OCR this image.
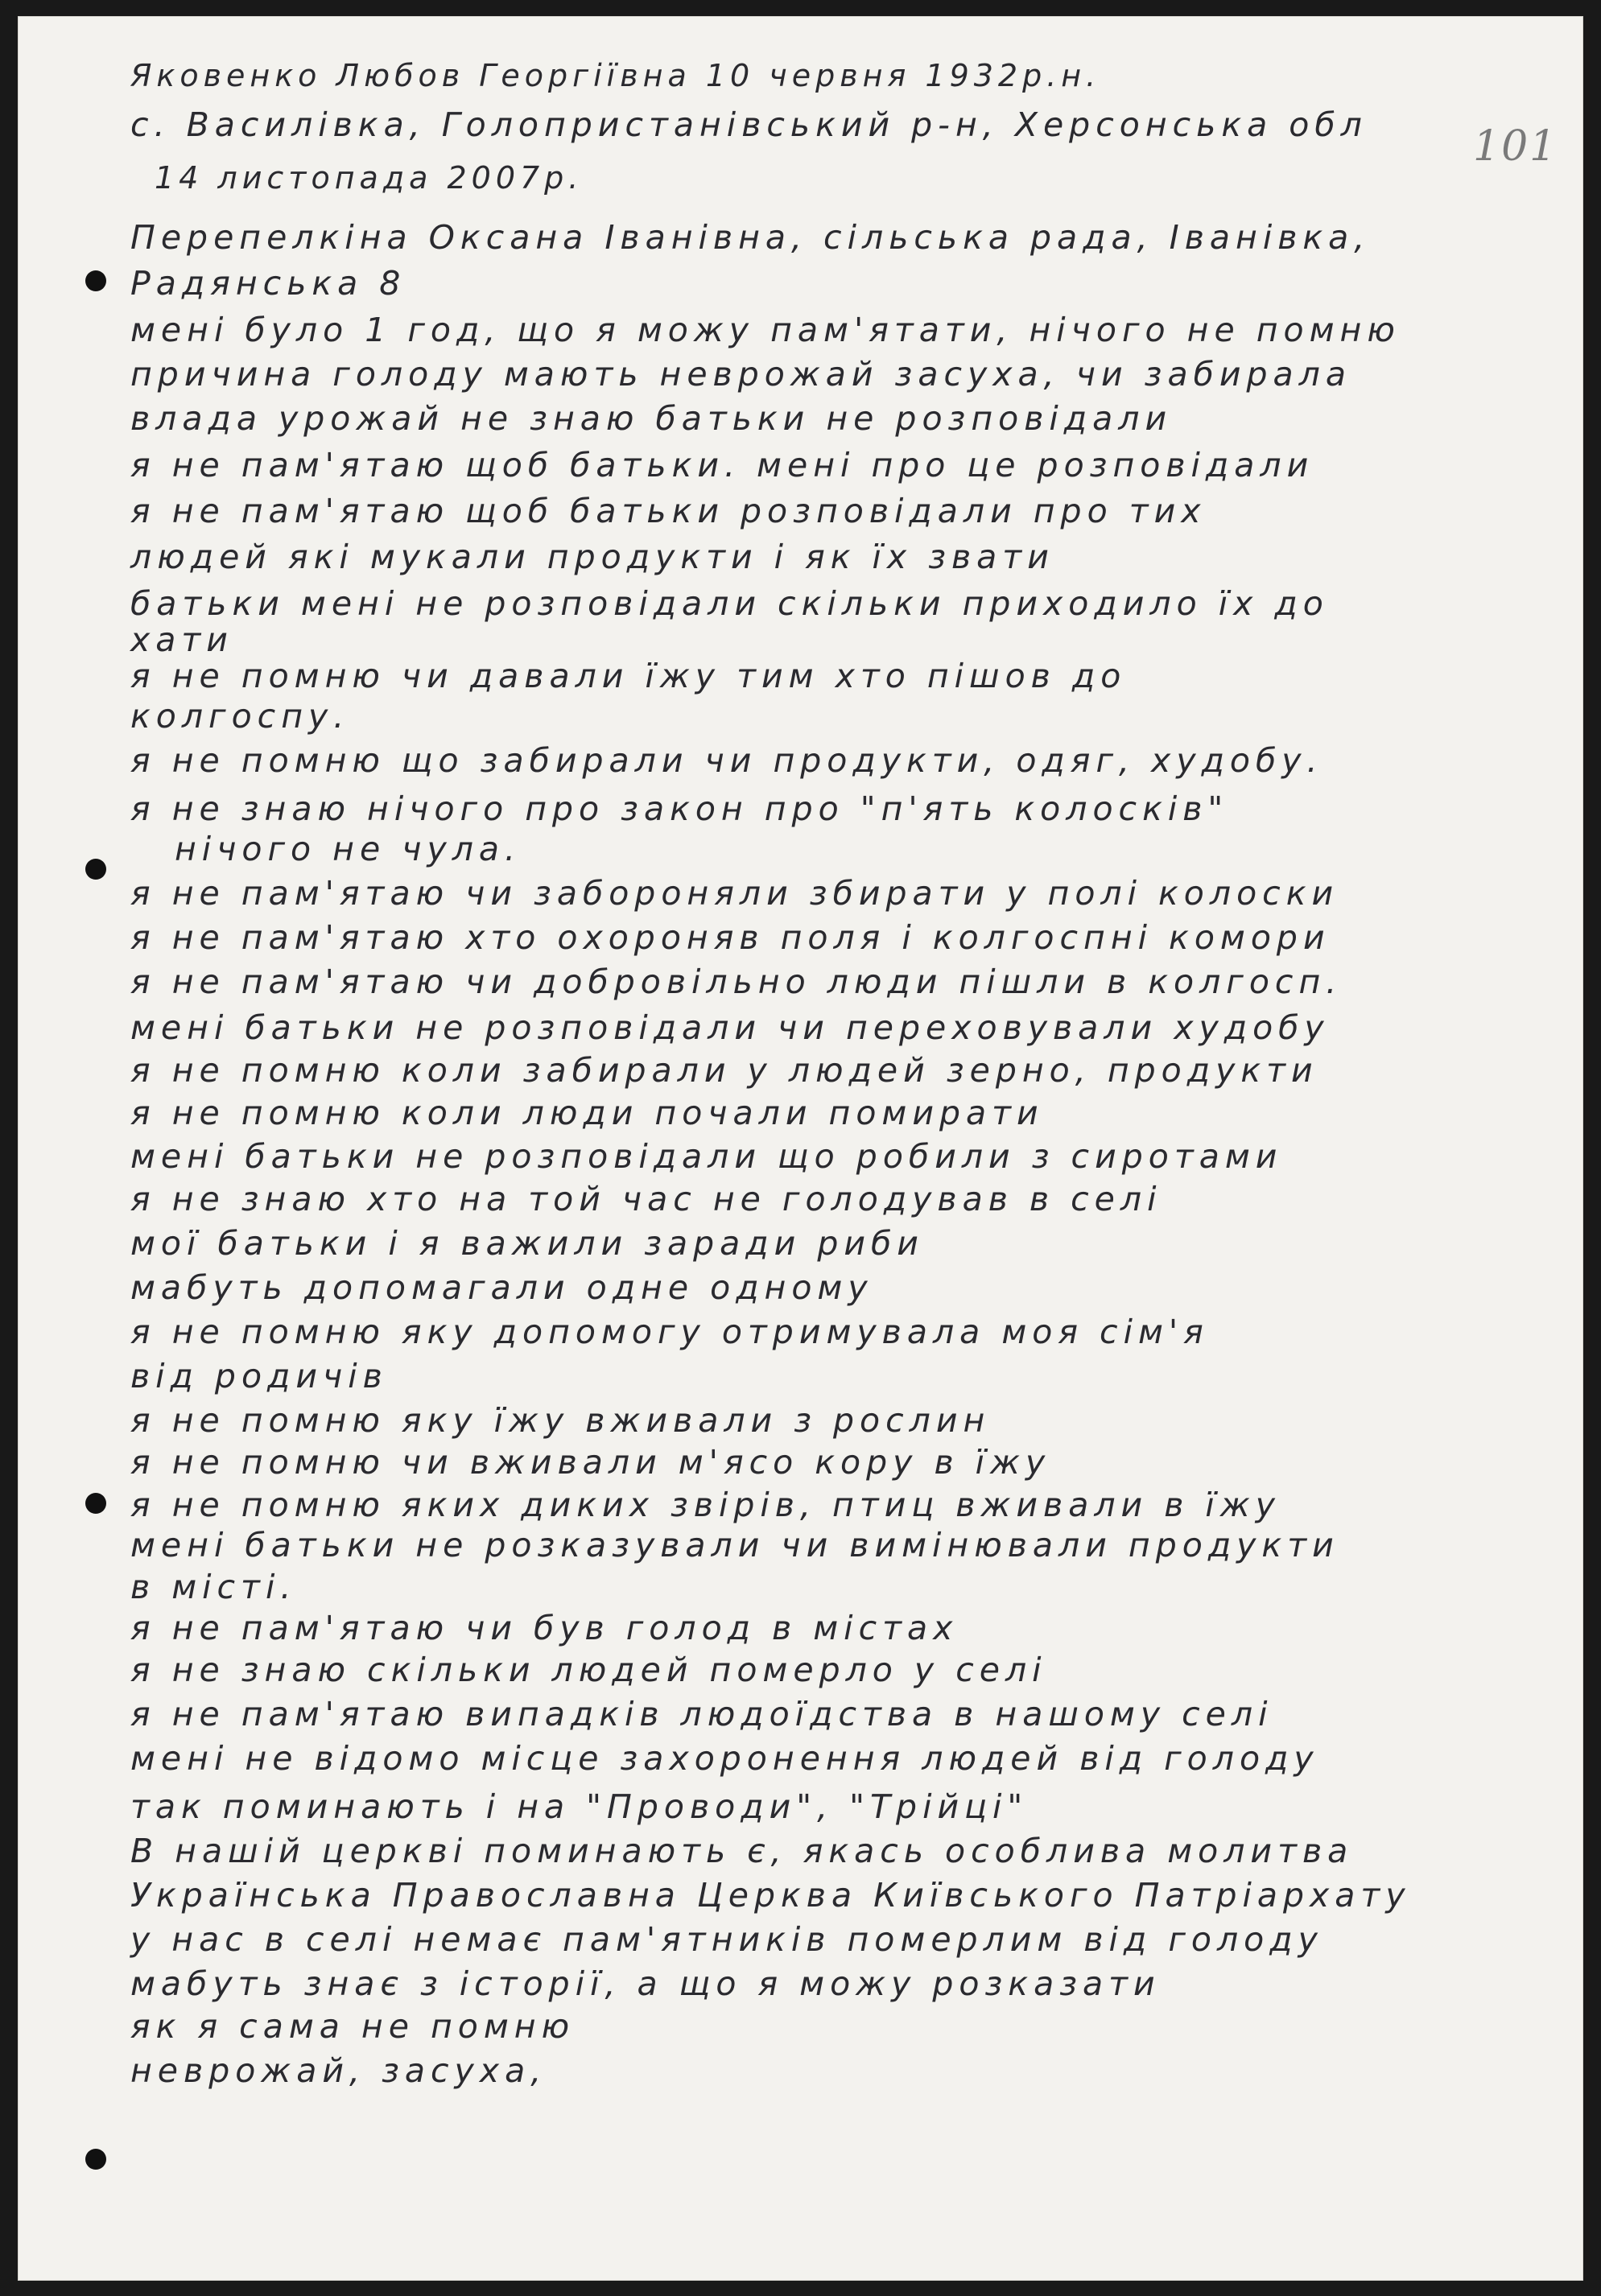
101
Яковенко Любов Георгіївна 10 червня 1932р.н.
с. Василівка, Голопристанівський р-н, Херсонська обл
14 листопада 2007р.
Перепелкіна Оксана Іванівна, сільська рада, Іванівка,
Радянська 8
мені було 1 год, що я можу пам'ятати, нічого не помню
причина голоду мають неврожай засуха, чи забирала
влада урожай не знаю батьки не розповідали
я не пам'ятаю щоб батьки. мені про це розповідали
я не пам'ятаю щоб батьки розповідали про тих
людей які мукали продукти і як їх звати
батьки мені не розповідали скільки приходило їх до
хати
я не помню чи давали їжу тим хто пішов до
колгоспу.
я не помню що забирали чи продукти, одяг, худобу.
я не знаю нічого про закон про "п'ять колосків"
нічого не чула.
я не пам'ятаю чи забороняли збирати у полі колоски
я не пам'ятаю хто охороняв поля і колгоспні комори
я не пам'ятаю чи добровільно люди пішли в колгосп.
мені батьки не розповідали чи переховували худобу
я не помню коли забирали у людей зерно, продукти
я не помню коли люди почали помирати
мені батьки не розповідали що робили з сиротами
я не знаю хто на той час не голодував в селі
мої батьки і я важили заради риби
мабуть допомагали одне одному
я не помню яку допомогу отримувала моя сім'я
від родичів
я не помню яку їжу вживали з рослин
я не помню чи вживали м'ясо кору в їжу
я не помню яких диких звірів, птиц вживали в їжу
мені батьки не розказували чи вимінювали продукти
в місті.
я не пам'ятаю чи був голод в містах
я не знаю скільки людей померло у селі
я не пам'ятаю випадків людоїдства в нашому селі
мені не відомо місце захоронення людей від голоду
так поминають і на "Проводи", "Трійці"
В нашій церкві поминають є, якась особлива молитва
Українська Православна Церква Київського Патріархату
у нас в селі немає пам'ятників померлим від голоду
мабуть знає з історії, а що я можу розказати
як я сама не помню
неврожай, засуха,
